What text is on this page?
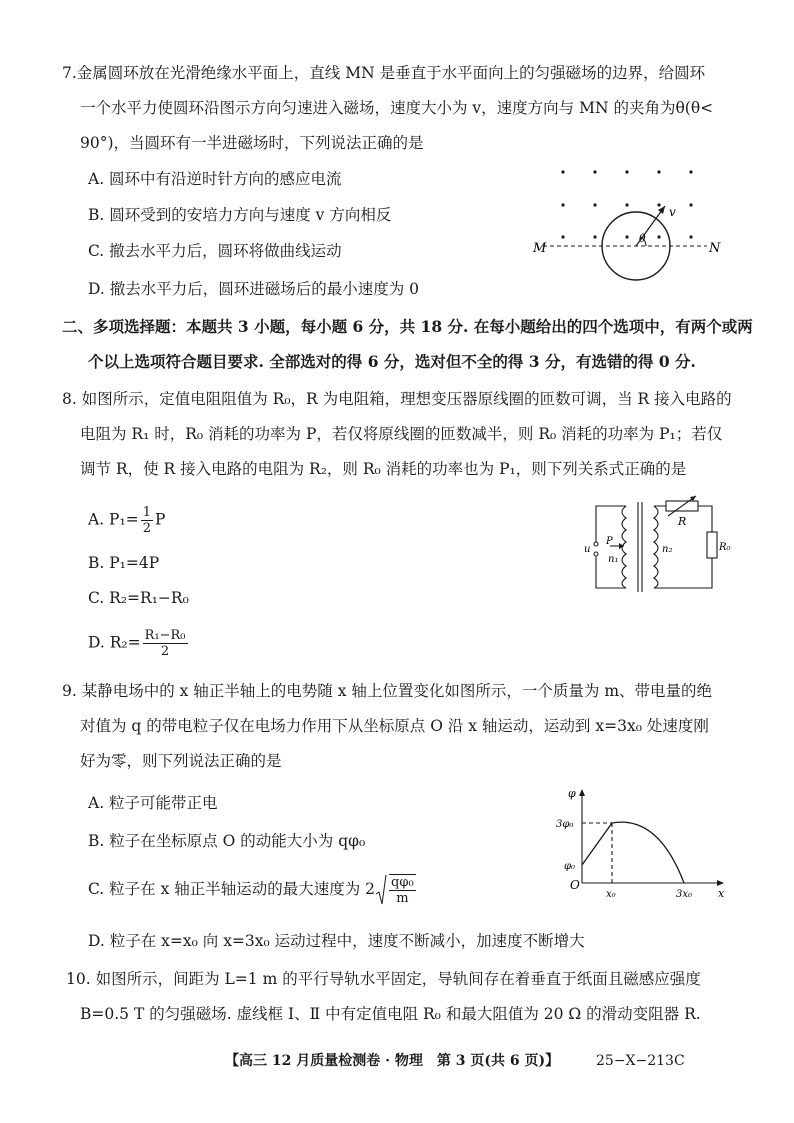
7.金属圆环放在光滑绝缘水平面上，直线 MN 是垂直于水平面向上的匀强磁场的边界，给圆环
一个水平力使圆环沿图示方向匀速进入磁场，速度大小为 v，速度方向与 MN 的夹角为θ(θ<
90°)，当圆环有一半进磁场时，下列说法正确的是
A. 圆环中有沿逆时针方向的感应电流
B. 圆环受到的安培力方向与速度 v 方向相反
C. 撤去水平力后，圆环将做曲线运动
D. 撤去水平力后，圆环进磁场后的最小速度为 0
M	N
v
θ
二、多项选择题：本题共 3 小题，每小题 6 分，共 18 分. 在每小题给出的四个选项中，有两个或两
个以上选项符合题目要求. 全部选对的得 6 分，选对但不全的得 3 分，有选错的得 0 分.
8. 如图所示，定值电阻阻值为 R₀，R 为电阻箱，理想变压器原线圈的匝数可调，当 R 接入电路的
电阻为 R₁ 时，R₀ 消耗的功率为 P，若仅将原线圈的匝数减半，则 R₀ 消耗的功率为 P₁；若仅
调节 R，使 R 接入电路的电阻为 R₂，则 R₀ 消耗的功率也为 P₁，则下列关系式正确的是
A. $P_1= \frac{1}{2}$ P
B. P₁=4P
C. R₂=R₁−R₀
D. $R_2= \frac{\text{R₁−R₀}}{2}$
R
R₀
u
P
n₁
n₂
9. 某静电场中的 x 轴正半轴上的电势随 x 轴上位置变化如图所示，一个质量为 m、带电量的绝
对值为 q 的带电粒子仅在电场力作用下从坐标原点 O 沿 x 轴运动，运动到 x=3x₀ 处速度刚
好为零，则下列说法正确的是
A. 粒子可能带正电
B. 粒子在坐标原点 O 的动能大小为 qφ₀
C. 粒子在 x 轴正半轴运动的最大速度为 $2 \frac{\text{qφ₀}}{m}$
D. 粒子在 x=x₀ 向 x=3x₀ 运动过程中，速度不断减小，加速度不断增大
φ
3φ₀
φ₀
O
x₀	3x₀ x
10. 如图所示，间距为 L=1 m 的平行导轨水平固定，导轨间存在着垂直于纸面且磁感应强度
B=0.5 T 的匀强磁场. 虚线框 Ⅰ、Ⅱ 中有定值电阻 R₀ 和最大阻值为 20 Ω 的滑动变阻器 R.
【高三 12 月质量检测卷 · 物理　第 3 页(共 6 页)】	25−X−213C
